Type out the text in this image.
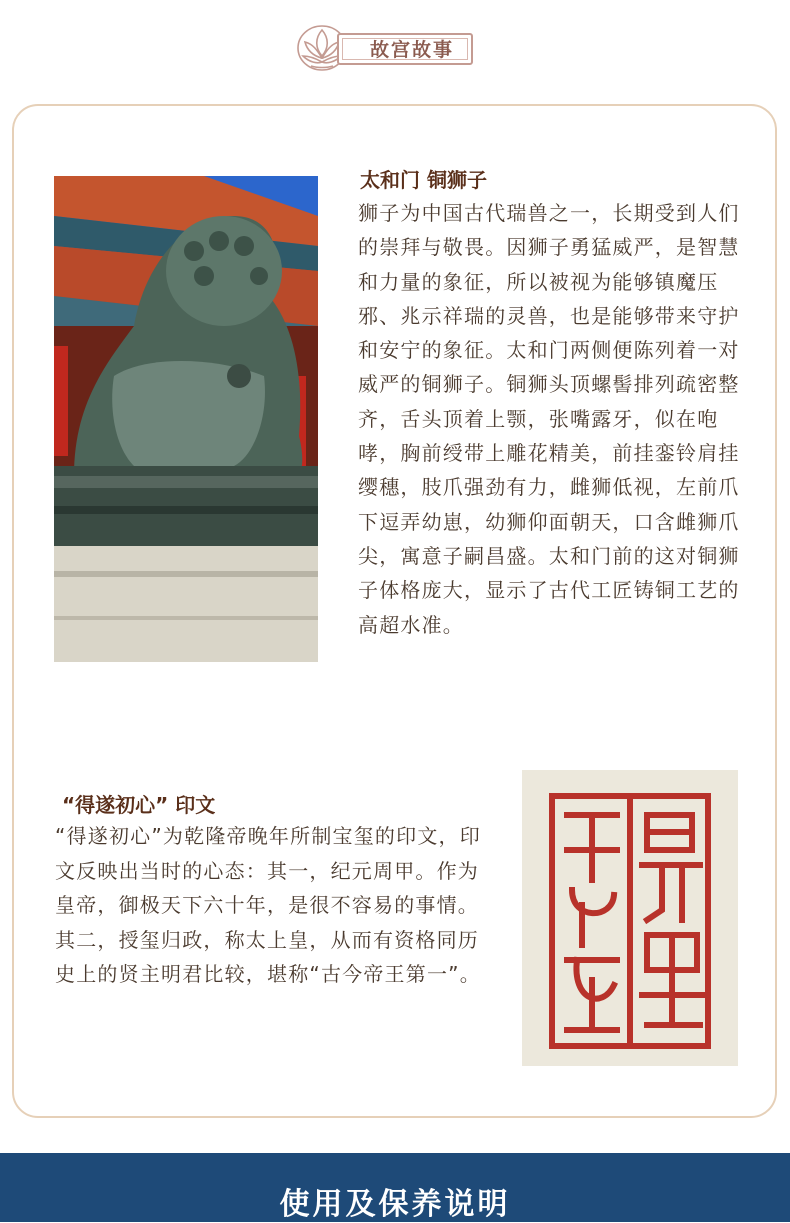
故宫故事
太和门 铜狮子
狮子为中国古代瑞兽之一，长期受到人们的崇拜与敬畏。因狮子勇猛威严，是智慧和力量的象征，所以被视为能够镇魔压邪、兆示祥瑞的灵兽，也是能够带来守护和安宁的象征。太和门两侧便陈列着一对威严的铜狮子。铜狮头顶螺髻排列疏密整齐，舌头顶着上颚，张嘴露牙，似在咆哮，胸前绶带上雕花精美，前挂銮铃肩挂缨穗，肢爪强劲有力，雌狮低视，左前爪下逗弄幼崽，幼狮仰面朝天，口含雌狮爪尖，寓意子嗣昌盛。太和门前的这对铜狮子体格庞大，显示了古代工匠铸铜工艺的高超水准。
“得遂初心” 印文
“得遂初心”为乾隆帝晚年所制宝玺的印文，印文反映出当时的心态：其一，纪元周甲。作为皇帝，御极天下六十年，是很不容易的事情。其二，授玺归政，称太上皇，从而有资格同历史上的贤主明君比较，堪称“古今帝王第一”。
使用及保养说明
